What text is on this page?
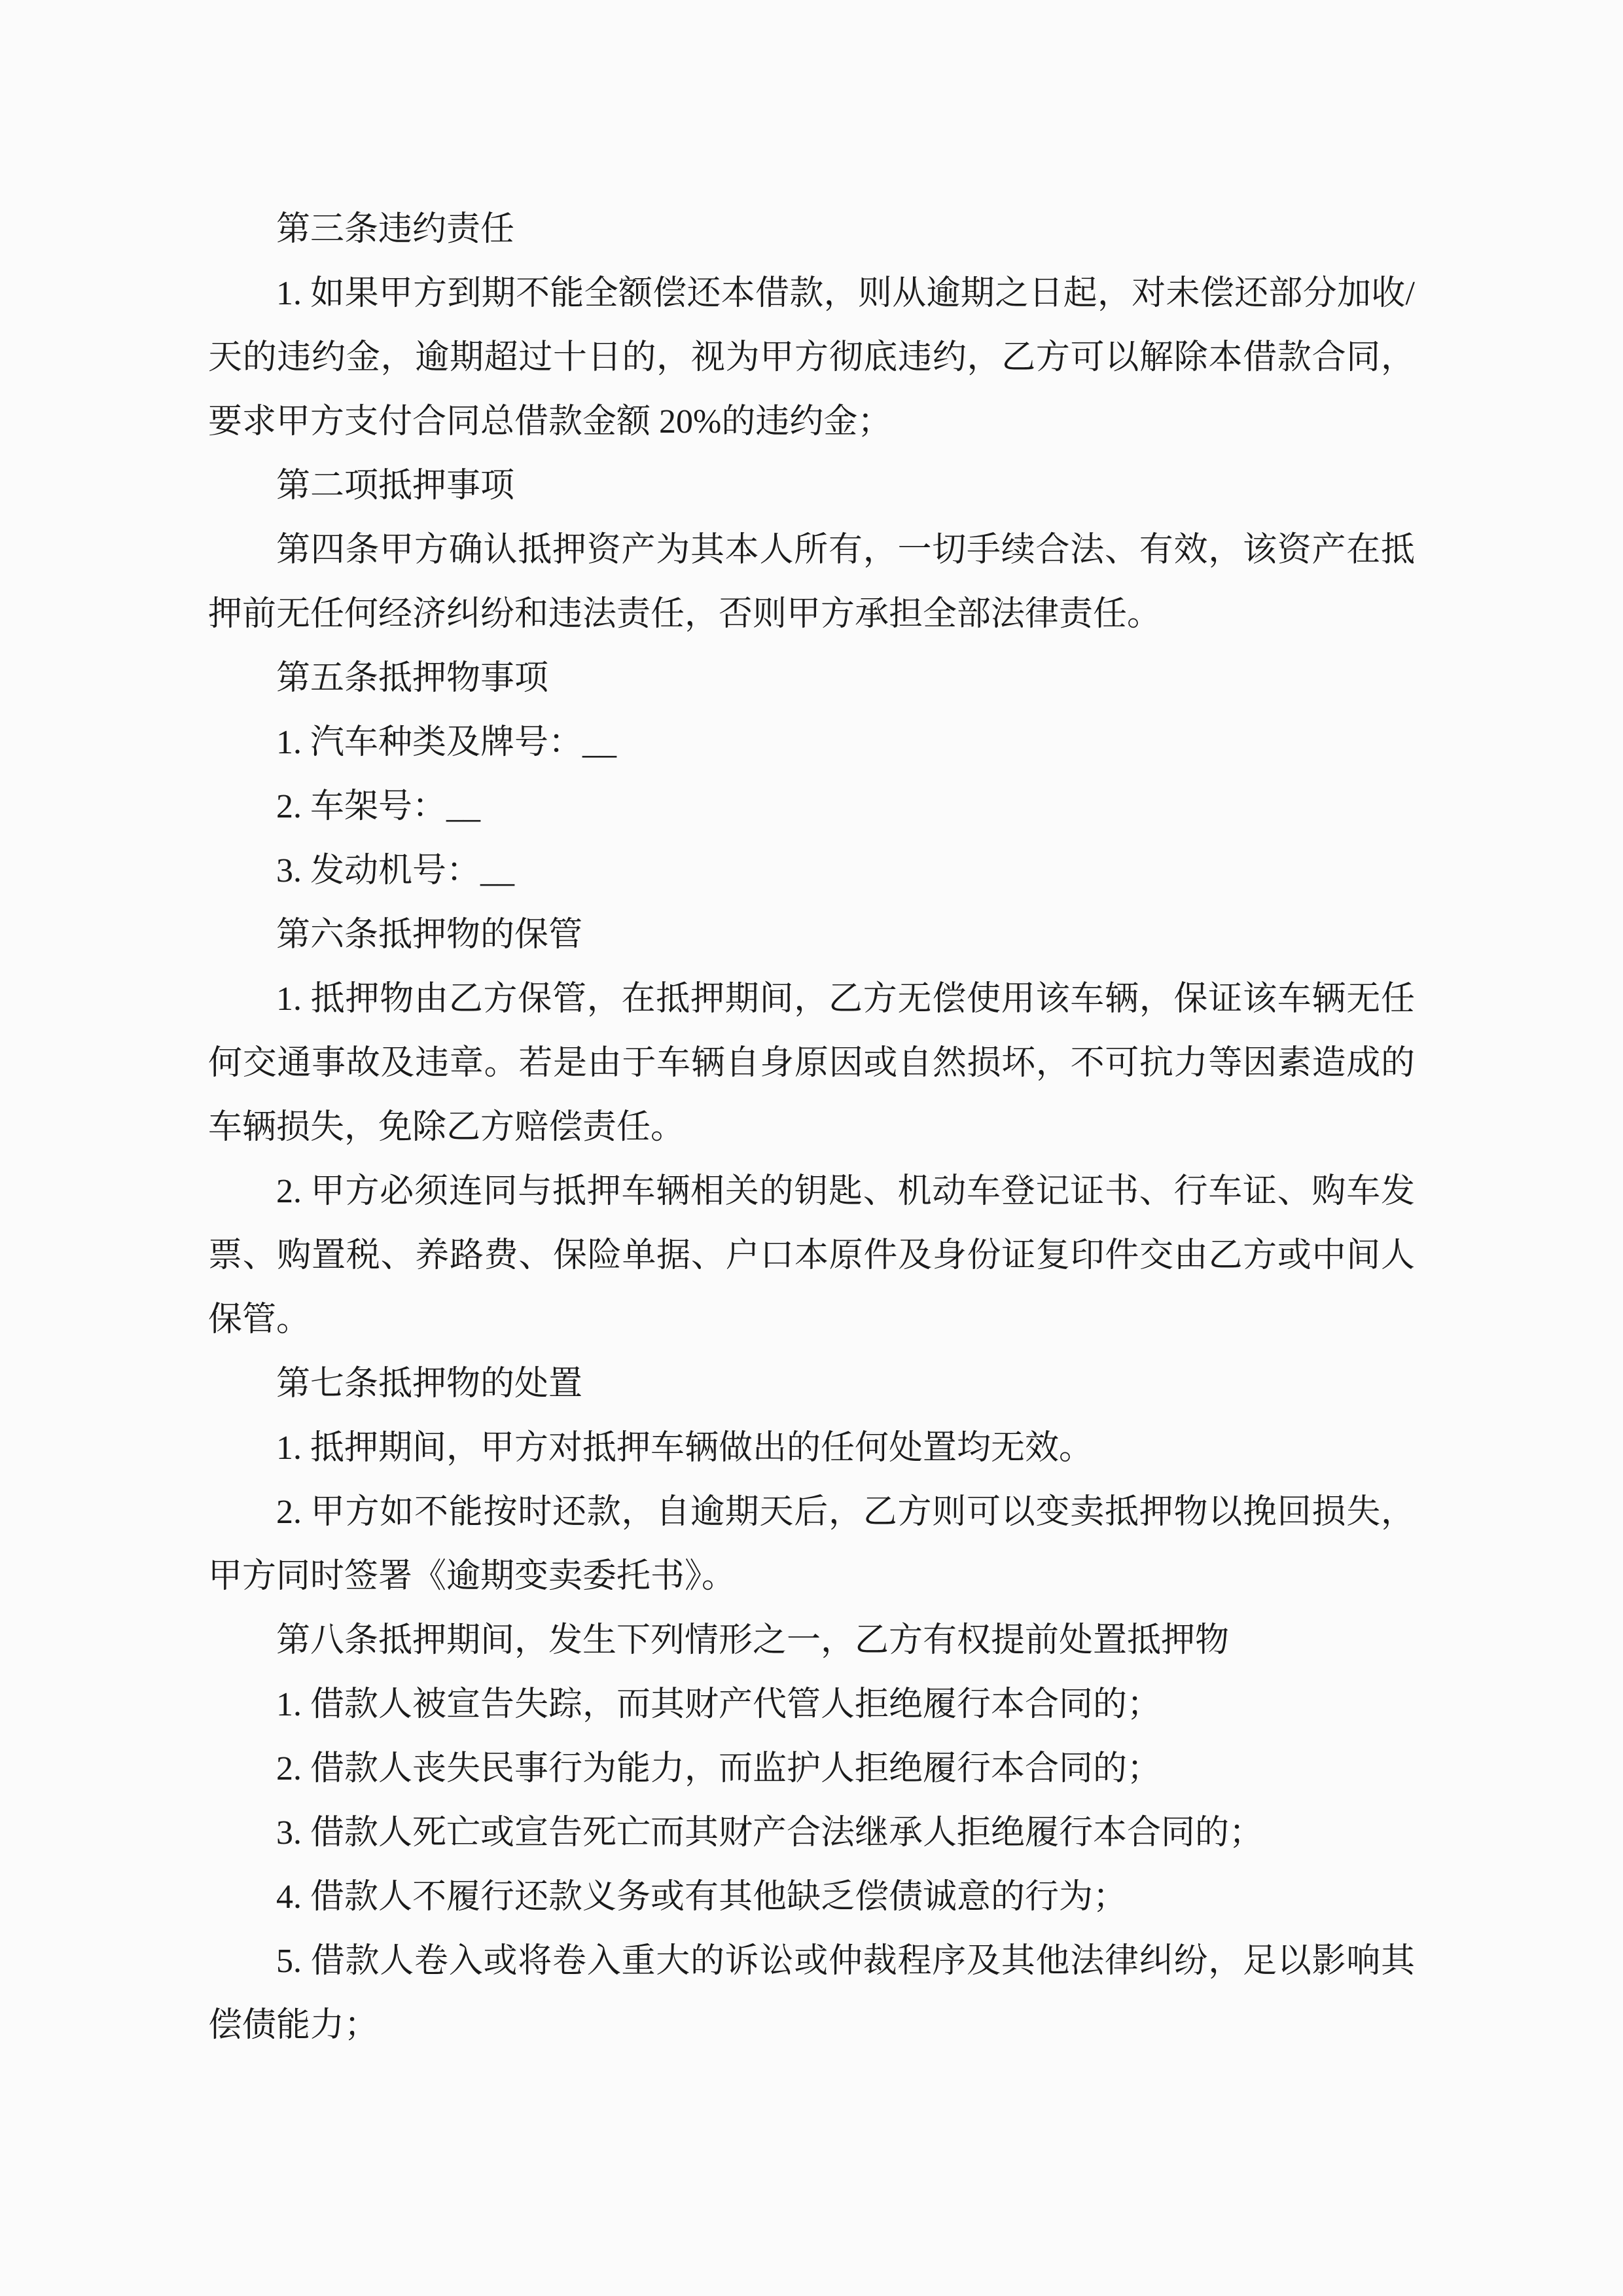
第三条违约责任

1. 如果甲方到期不能全额偿还本借款，则从逾期之日起，对未偿还部分加收/天的违约金，逾期超过十日的，视为甲方彻底违约，乙方可以解除本借款合同，要求甲方支付合同总借款金额 20%的违约金；

第二项抵押事项

第四条甲方确认抵押资产为其本人所有，一切手续合法、有效，该资产在抵押前无任何经济纠纷和违法责任，否则甲方承担全部法律责任。

第五条抵押物事项

1. 汽车种类及牌号：__

2. 车架号：__

3. 发动机号：__

第六条抵押物的保管

1. 抵押物由乙方保管，在抵押期间，乙方无偿使用该车辆，保证该车辆无任何交通事故及违章。若是由于车辆自身原因或自然损坏，不可抗力等因素造成的车辆损失，免除乙方赔偿责任。

2. 甲方必须连同与抵押车辆相关的钥匙、机动车登记证书、行车证、购车发票、购置税、养路费、保险单据、户口本原件及身份证复印件交由乙方或中间人保管。

第七条抵押物的处置

1. 抵押期间，甲方对抵押车辆做出的任何处置均无效。

2. 甲方如不能按时还款，自逾期天后，乙方则可以变卖抵押物以挽回损失，甲方同时签署《逾期变卖委托书》。

第八条抵押期间，发生下列情形之一，乙方有权提前处置抵押物

1. 借款人被宣告失踪，而其财产代管人拒绝履行本合同的；

2. 借款人丧失民事行为能力，而监护人拒绝履行本合同的；

3. 借款人死亡或宣告死亡而其财产合法继承人拒绝履行本合同的；

4. 借款人不履行还款义务或有其他缺乏偿债诚意的行为；

5. 借款人卷入或将卷入重大的诉讼或仲裁程序及其他法律纠纷，足以影响其偿债能力；
